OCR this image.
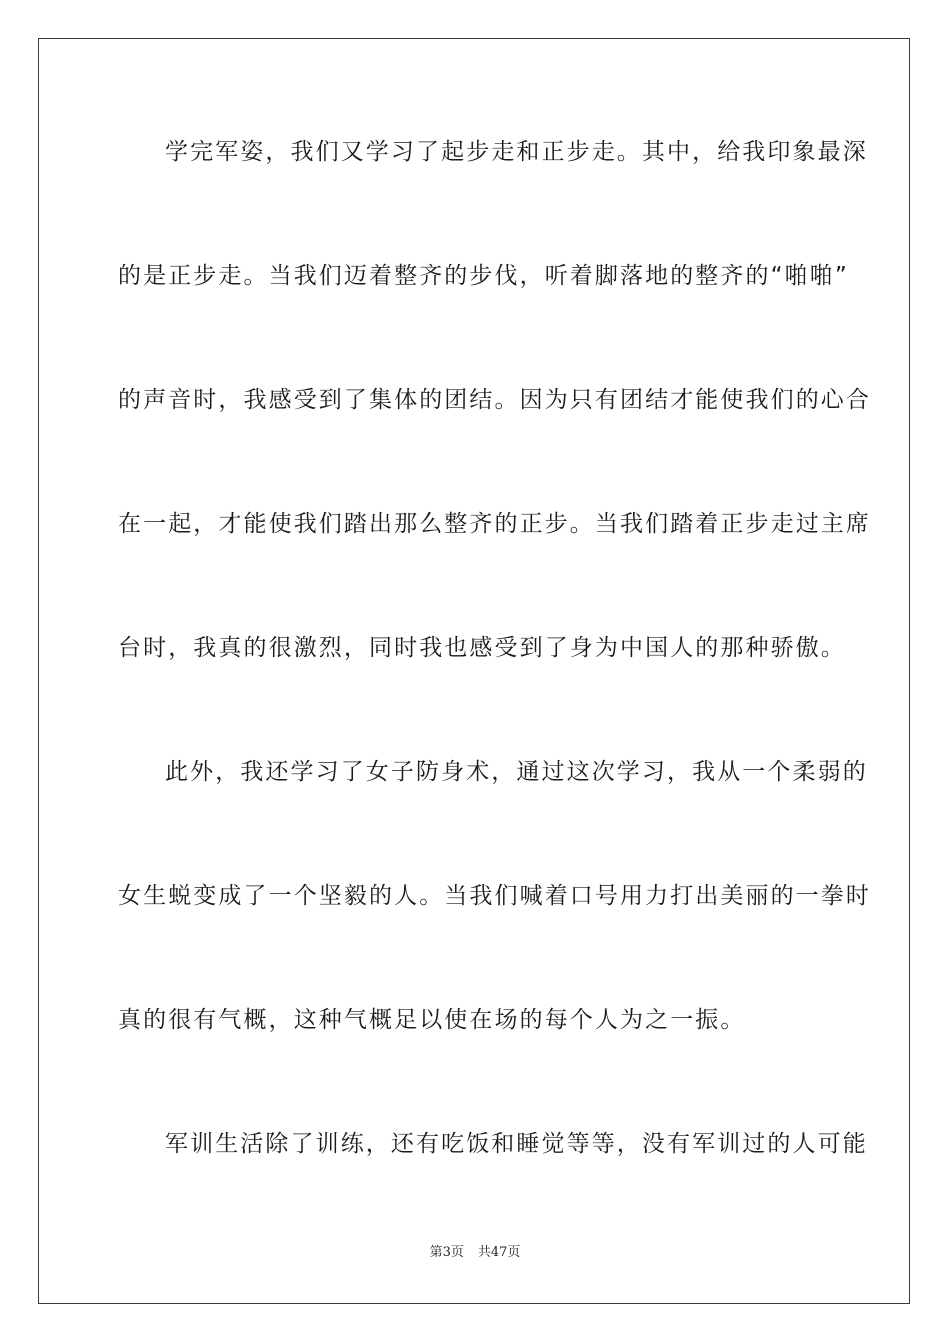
学完军姿，我们又学习了起步走和正步走。其中，给我印象最深
的是正步走。当我们迈着整齐的步伐，听着脚落地的整齐的“啪啪”
的声音时，我感受到了集体的团结。因为只有团结才能使我们的心合
在一起，才能使我们踏出那么整齐的正步。当我们踏着正步走过主席
台时，我真的很激烈，同时我也感受到了身为中国人的那种骄傲。
此外，我还学习了女子防身术，通过这次学习，我从一个柔弱的
女生蜕变成了一个坚毅的人。当我们喊着口号用力打出美丽的一拳时
真的很有气概，这种气概足以使在场的每个人为之一振。
军训生活除了训练，还有吃饭和睡觉等等，没有军训过的人可能
第3页 共47页
